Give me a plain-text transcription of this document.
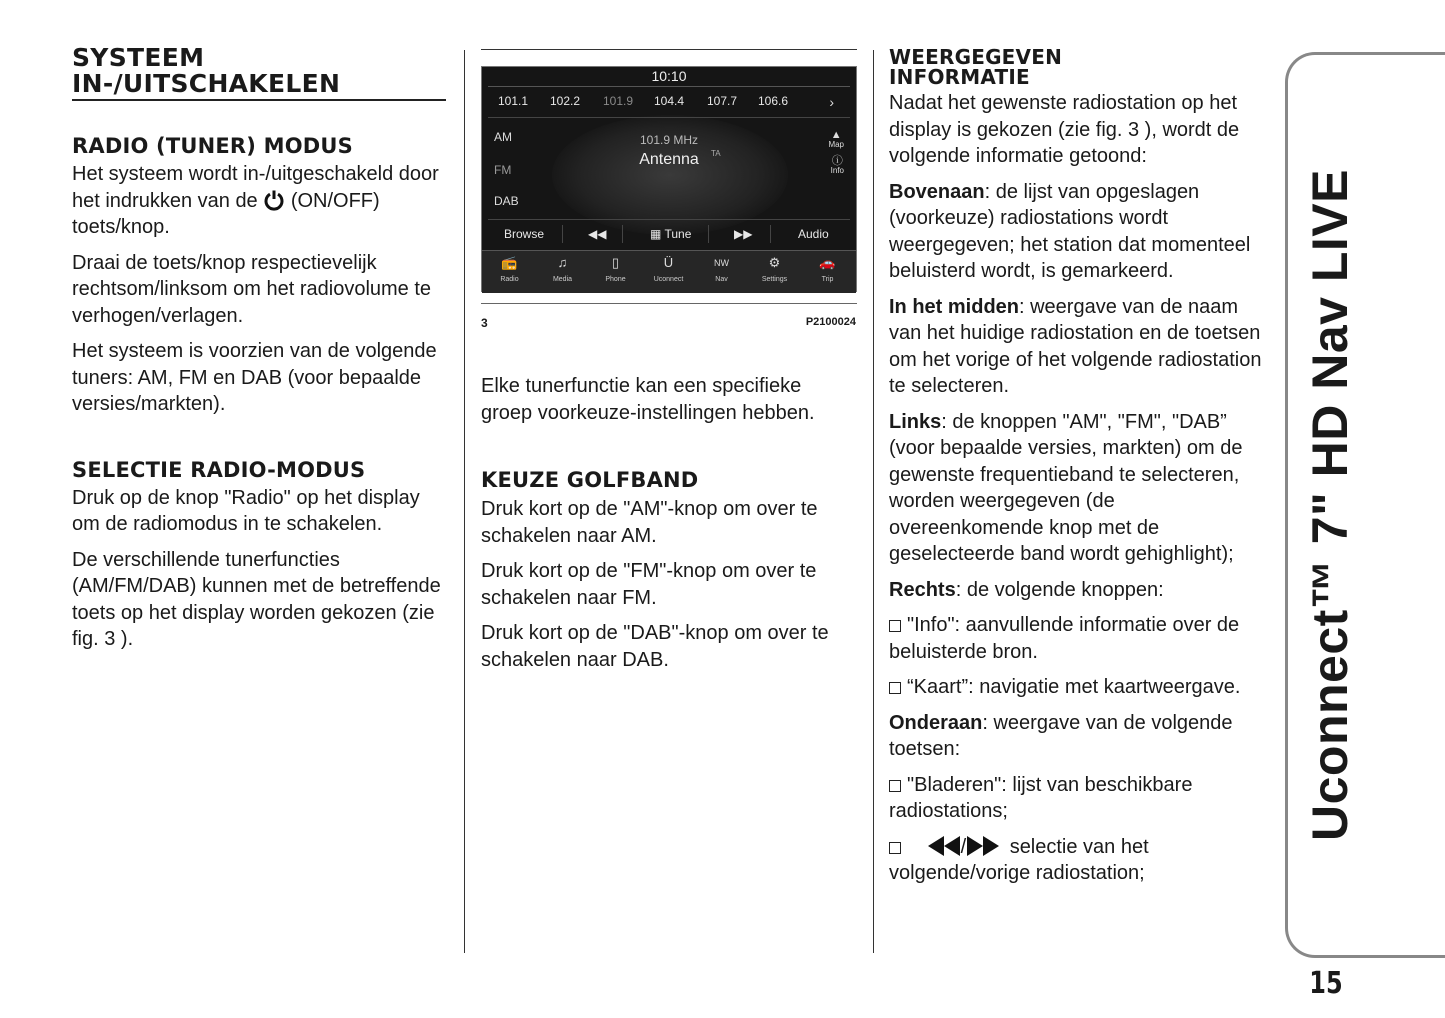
SYSTEEM
IN-/UITSCHAKELEN
RADIO (TUNER) MODUS

Het systeem wordt in-/uitgeschakeld door het indrukken van de (ON/OFF) toets/knop.

Draai de toets/knop respectievelijk rechtsom/linksom om het radiovolume te verhogen/verlagen.

Het systeem is voorzien van de volgende tuners: AM, FM en DAB (voor bepaalde versies/markten).

SELECTIE RADIO-MODUS

Druk op de knop "Radio" op het display om de radiomodus in te schakelen.

De verschillende tunerfuncties (AM/FM/DAB) kunnen met de betreffende toets op het display worden gekozen (zie fig. 3 ).

10:10
101.1 102.2 101.9 104.4 107.7 106.6	›
AM
FM
DAB
101.9 MHz
Antenna	TA
▲
Map
ⓘ
Info
Browse	◀◀	▦ Tune	▶▶	Audio
📻
Radio
♫
Media
▯
Phone
Ü
Uconnect
NW
Nav
⚙
Settings
🚗
Trip
3	P2100024

Elke tunerfunctie kan een specifieke groep voorkeuze-instellingen hebben.

KEUZE GOLFBAND

Druk kort op de "AM"-knop om over te schakelen naar AM.

Druk kort op de "FM"-knop om over te schakelen naar FM.

Druk kort op de "DAB"-knop om over te schakelen naar DAB.

WEERGEGEVEN
INFORMATIE

Nadat het gewenste radiostation op het display is gekozen (zie fig. 3 ), wordt de volgende informatie getoond:

Bovenaan: de lijst van opgeslagen (voorkeuze) radiostations wordt weergegeven; het station dat momenteel beluisterd wordt, is gemarkeerd.

In het midden: weergave van de naam van het huidige radiostation en de toetsen om het vorige of het volgende radiostation te selecteren.

Links: de knoppen "AM", "FM", "DAB” (voor bepaalde versies, markten) om de gewenste frequentieband te selecteren, worden weergegeven (de overeenkomende knop met de geselecteerde band wordt gehighlight);

Rechts: de volgende knoppen:

"Info": aanvullende informatie over de beluisterde bron.

“Kaart”: navigatie met kaartweergave.

Onderaan: weergave van de volgende toetsen:

"Bladeren": lijst van beschikbare radiostations;

/ selectie van het volgende/vorige radiostation;

Uconnect™ 7" HD Nav LIVE
15
